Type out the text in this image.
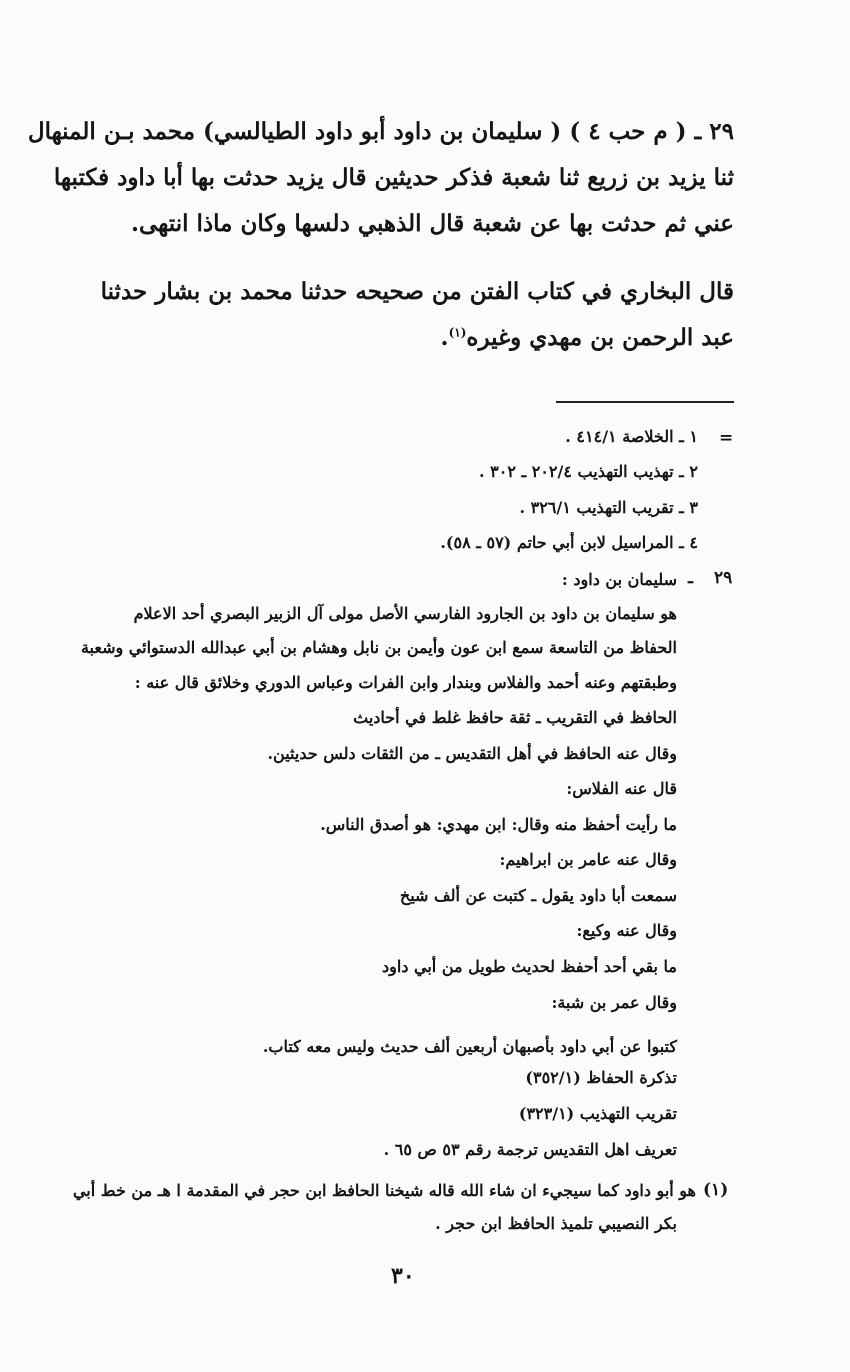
٢٩ ـ ( م حب ٤ ) ( سليمان بن داود أبو داود الطيالسي) محمد بـن المنهال
ثنا يزيد بن زريع ثنا شعبة فذكر حديثين قال يزيد حدثت بها أبا داود فكتبها
عني ثم حدثت بها عن شعبة قال الذهبي دلسها وكان ماذا انتهى.
قال البخاري في كتاب الفتن من صحيحه حدثنا محمد بن بشار حدثنا
عبد الرحمن بن مهدي وغيره$^{(١)}$.
=
١ ـ الخلاصة ٤١٤/١ .
٢ ـ تهذيب التهذيب ٢٠٢/٤ ـ ٣٠٢ .
٣ ـ تقريب التهذيب ٣٢٦/١ .
٤ ـ المراسيل لابن أبي حاتم (٥٧ ـ ٥٨).
٢٩
ـ
سليمان بن داود :
هو سليمان بن داود بن الجارود الفارسي الأصل مولى آل الزبير البصري أحد الاعلام
الحفاظ من التاسعة سمع ابن عون وأيمن بن نابل وهشام بن أبي عبدالله الدستوائي وشعبة
وطبقتهم وعنه أحمد والفلاس وبندار وابن الفرات وعباس الدوري وخلائق قال عنه :
الحافظ في التقريب ـ ثقة حافظ غلط في أحاديث
وقال عنه الحافظ في أهل التقديس ـ من الثقات دلس حديثين.
قال عنه الفلاس:
ما رأيت أحفظ منه وقال: ابن مهدي: هو أصدق الناس.
وقال عنه عامر بن ابراهيم:
سمعت أبا داود يقول ـ كتبت عن ألف شيخ
وقال عنه وكيع:
ما بقي أحد أحفظ لحديث طويل من أبي داود
وقال عمر بن شبة:
كتبوا عن أبي داود بأصبهان أربعين ألف حديث وليس معه كتاب.
تذكرة الحفاظ (٣٥٢/١)
تقريب التهذيب (٣٢٣/١)
تعريف اهل التقديس ترجمة رقم ٥٣ ص ٦٥ .
(١)
هو أبو داود كما سيجيء ان شاء الله قاله شيخنا الحافظ ابن حجر في المقدمة ا هـ من خط أبي
بكر النصيبي تلميذ الحافظ ابن حجر .
٣٠
